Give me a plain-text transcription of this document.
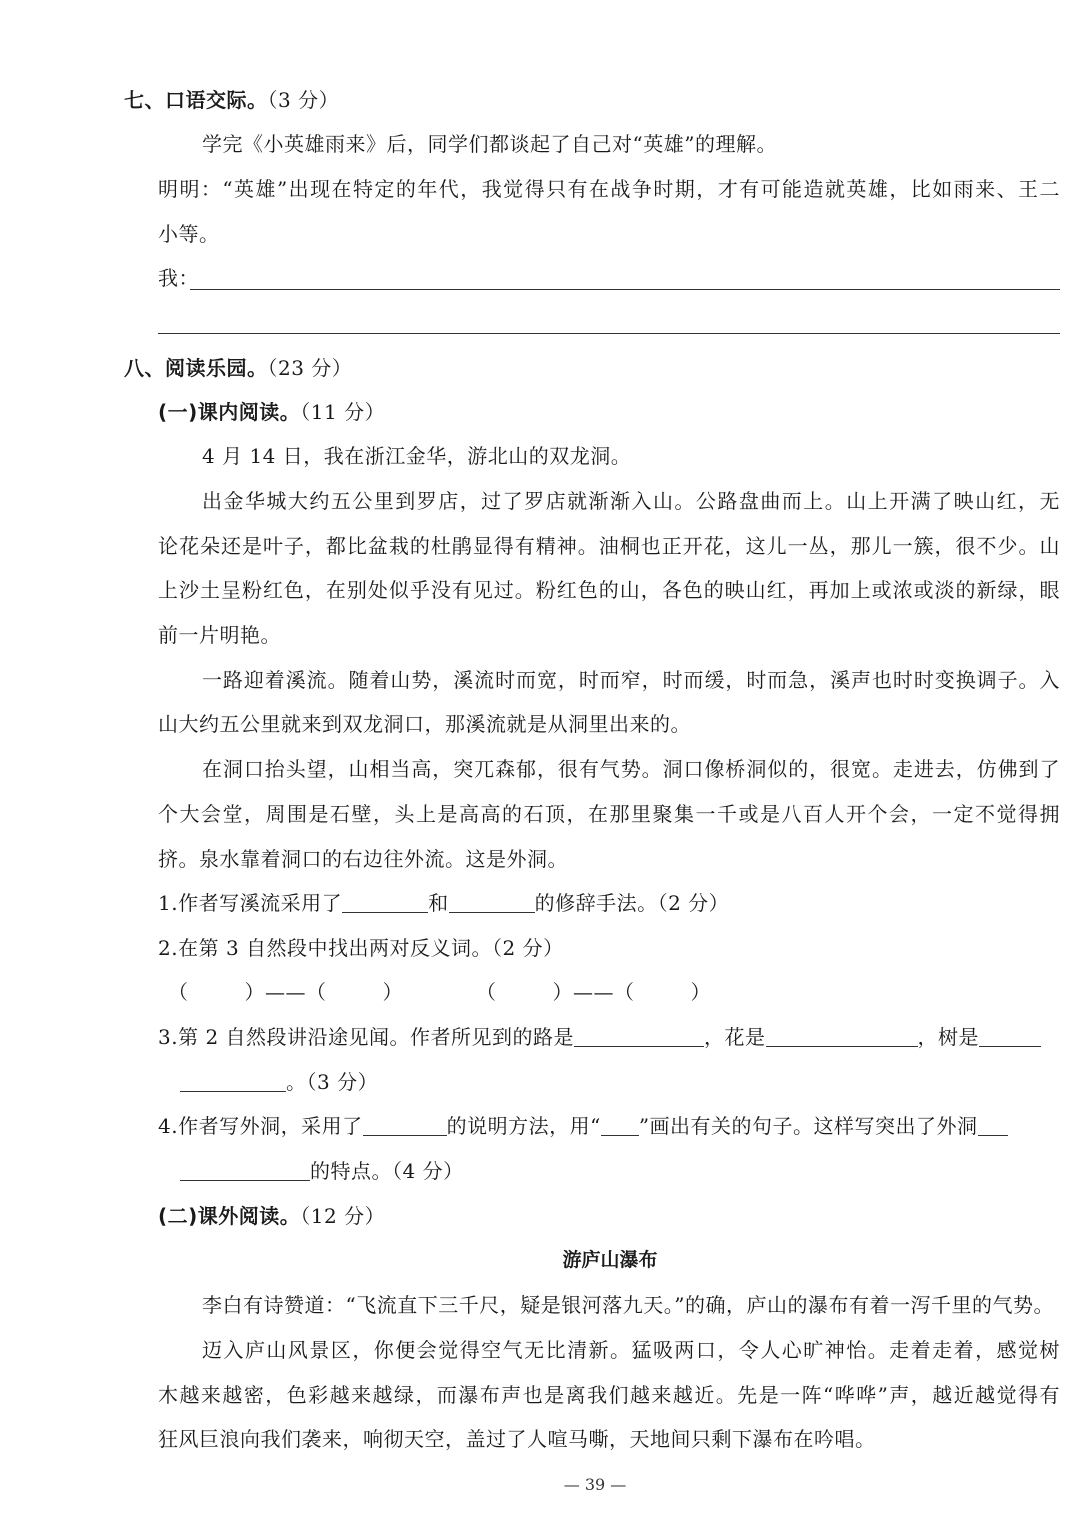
七、口语交际。（3 分）
学完《小英雄雨来》后，同学们都谈起了自己对“英雄”的理解。
明明：“英雄”出现在特定的年代，我觉得只有在战争时期，才有可能造就英雄，比如雨来、王二
小等。
我：
八、阅读乐园。（23 分）
(一)课内阅读。（11 分）
4 月 14 日，我在浙江金华，游北山的双龙洞。
出金华城大约五公里到罗店，过了罗店就渐渐入山。公路盘曲而上。山上开满了映山红，无
论花朵还是叶子，都比盆栽的杜鹃显得有精神。油桐也正开花，这儿一丛，那儿一簇，很不少。山
上沙土呈粉红色，在别处似乎没有见过。粉红色的山，各色的映山红，再加上或浓或淡的新绿，眼
前一片明艳。
一路迎着溪流。随着山势，溪流时而宽，时而窄，时而缓，时而急，溪声也时时变换调子。入
山大约五公里就来到双龙洞口，那溪流就是从洞里出来的。
在洞口抬头望，山相当高，突兀森郁，很有气势。洞口像桥洞似的，很宽。走进去，仿佛到了
个大会堂，周围是石壁，头上是高高的石顶，在那里聚集一千或是八百人开个会，一定不觉得拥
挤。泉水靠着洞口的右边往外流。这是外洞。
1.作者写溪流采用了	和	的修辞手法。（2 分）
2.在第 3 自然段中找出两对反义词。（2 分）
（	）——（	）	（	）——（	）
3.第 2 自然段讲沿途见闻。作者所见到的路是	，花是	，树是
。（3 分）
4.作者写外洞，采用了	的说明方法，用“ ”画出有关的句子。这样写突出了外洞
的特点。（4 分）
(二)课外阅读。（12 分）
游庐山瀑布
李白有诗赞道：“飞流直下三千尺，疑是银河落九天。”的确，庐山的瀑布有着一泻千里的气势。
迈入庐山风景区，你便会觉得空气无比清新。猛吸两口，令人心旷神怡。走着走着，感觉树
木越来越密，色彩越来越绿，而瀑布声也是离我们越来越近。先是一阵“哗哗”声，越近越觉得有
狂风巨浪向我们袭来，响彻天空，盖过了人喧马嘶，天地间只剩下瀑布在吟唱。
— 39 —
